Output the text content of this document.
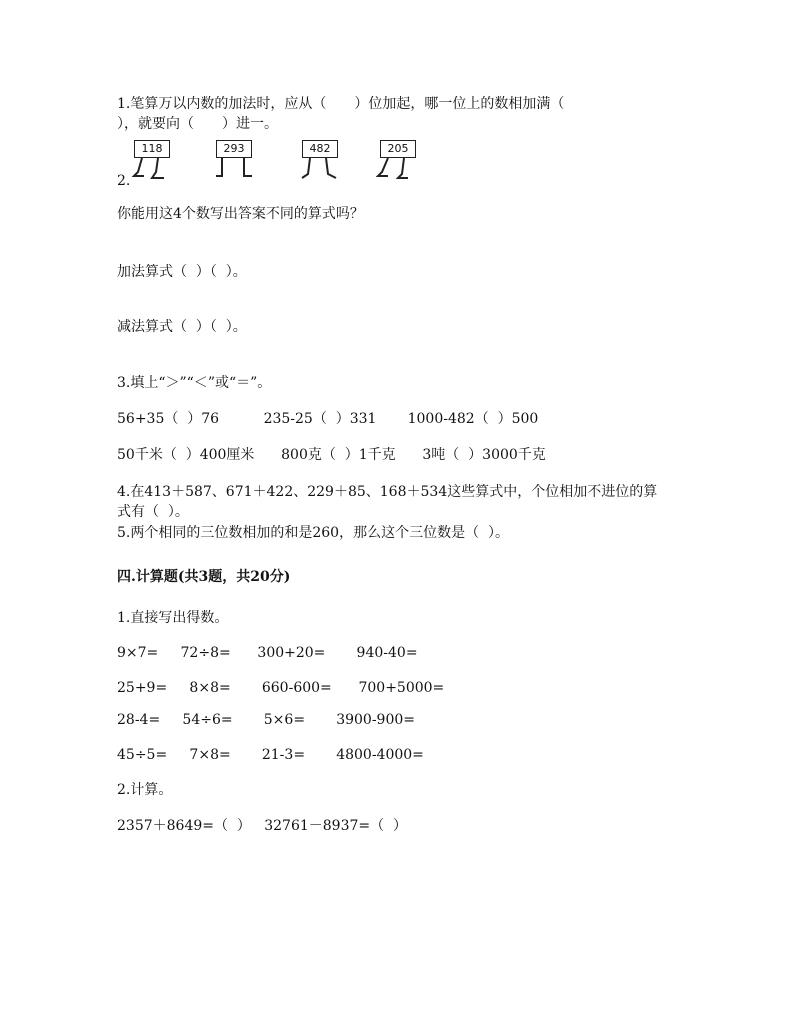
1.笔算万以内数的加法时，应从（　　）位加起，哪一位上的数相加满（
），就要向（　　）进一。
118	293	482	205
2.
你能用这4个数写出答案不同的算式吗？
加法算式（  ）（  ）。
减法算式（  ）（  ）。
3.填上“＞”“＜”或“＝”。
56+35（  ）76          235-25（  ）331       1000-482（  ）500
50千米（  ）400厘米      800克（  ）1千克      3吨（  ）3000千克
4.在413＋587、671＋422、229＋85、168＋534这些算式中，个位相加不进位的算
式有（  ）。
5.两个相同的三位数相加的和是260，那么这个三位数是（  ）。
四.计算题(共3题，共20分)
1.直接写出得数。
9×7=     72÷8=      300+20=       940-40=
25+9=     8×8=       660-600=      700+5000=
28-4=     54÷6=       5×6=       3900-900=
45÷5=     7×8=       21-3=       4800-4000=
2.计算。
2357＋8649=（  ）   32761－8937=（  ）
